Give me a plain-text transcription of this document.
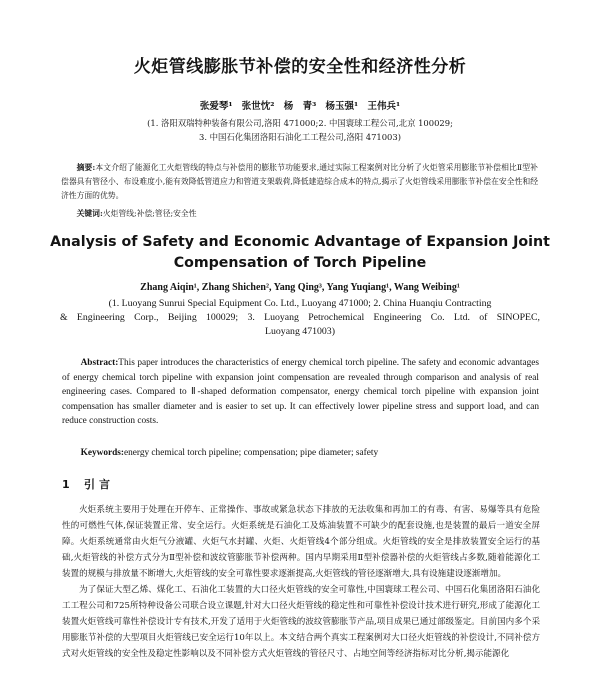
火炬管线膨胀节补偿的安全性和经济性分析
张爱琴¹ 张世忱² 杨 青³ 杨玉强¹ 王伟兵¹
(1. 洛阳双瑞特种装备有限公司,洛阳 471000;2. 中国寰球工程公司,北京 100029;
3. 中国石化集团洛阳石油化工工程公司,洛阳 471003)
摘要:本文介绍了能源化工火炬管线的特点与补偿用的膨胀节功能要求,通过实际工程案例对比分析了火炬管采用膨胀节补偿相比Ⅱ型补偿器具有管径小、布设难度小,能有效降低管道应力和管道支架载荷,降低建造综合成本的特点,揭示了火炬管线采用膨胀节补偿在安全性和经济性方面的优势。
关键词:火炬管线;补偿;管径;安全性
Analysis of Safety and Economic Advantage of Expansion Joint
Compensation of Torch Pipeline
Zhang Aiqin¹, Zhang Shichen², Yang Qing³, Yang Yuqiang¹, Wang Weibing¹
(1. Luoyang Sunrui Special Equipment Co. Ltd., Luoyang 471000; 2. China Huanqiu Contracting
& Engineering Corp., Beijing 100029; 3. Luoyang Petrochemical Engineering Co. Ltd. of SINOPEC,
Luoyang 471003)
Abstract:This paper introduces the characteristics of energy chemical torch pipeline. The safety and economic advantages of energy chemical torch pipeline with expansion joint compensation are revealed through comparison and analysis of real engineering cases. Compared to Ⅱ-shaped deformation compensator, energy chemical torch pipeline with expansion joint compensation has smaller diameter and is easier to set up. It can effectively lower pipeline stress and support load, and can reduce construction costs.
Keywords:energy chemical torch pipeline; compensation; pipe diameter; safety
1 引言
火炬系统主要用于处理在开停车、正常操作、事故或紧急状态下排放的无法收集和再加工的有毒、有害、易爆等具有危险性的可燃性气体,保证装置正常、安全运行。火炬系统是石油化工及炼油装置不可缺少的配套设施,也是装置的最后一道安全屏障。火炬系统通常由火炬气分液罐、火炬气水封罐、火炬、火炬管线4个部分组成。火炬管线的安全是排放装置安全运行的基础,火炬管线的补偿方式分为Ⅱ型补偿和波纹管膨胀节补偿两种。国内早期采用Ⅱ型补偿器补偿的火炬管线占多数,随着能源化工装置的规模与排放量不断增大,火炬管线的安全可靠性要求逐渐提高,火炬管线的管径逐渐增大,具有设施建设逐渐增加。
为了保证大型乙烯、煤化工、石油化工装置的大口径火炬管线的安全可靠性,中国寰球工程公司、中国石化集团洛阳石油化工工程公司和725所特种设备公司联合设立课题,针对大口径火炬管线的稳定性和可靠性补偿设计技术进行研究,形成了能源化工装置火炬管线可靠性补偿设计专有技术,开发了适用于火炬管线的波纹管膨胀节产品,项目成果已通过部级鉴定。目前国内多个采用膨胀节补偿的大型项目火炬管线已安全运行10年以上。本文结合两个真实工程案例对大口径火炬管线的补偿设计,不同补偿方式对火炬管线的安全性及稳定性影响以及不同补偿方式火炬管线的管径尺寸、占地空间等经济指标对比分析,揭示能源化
